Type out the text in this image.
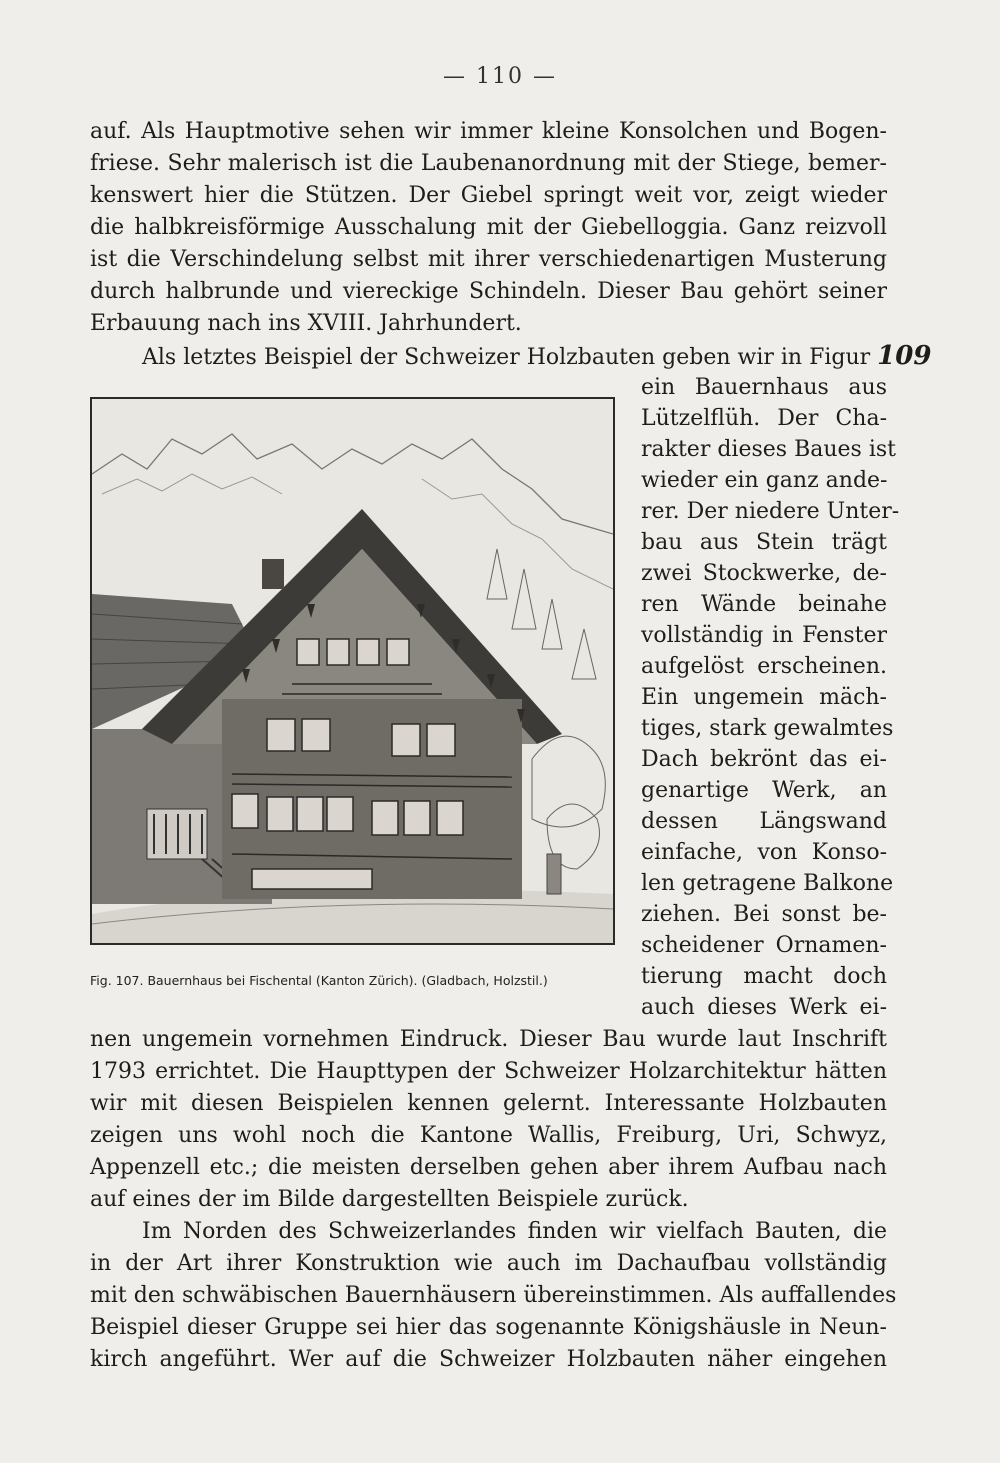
— 110 —
auf. Als Hauptmotive sehen wir immer kleine Konsolchen und Bogen-
friese. Sehr malerisch ist die Laubenanordnung mit der Stiege, bemer-
kenswert hier die Stützen. Der Giebel springt weit vor, zeigt wieder
die halbkreisförmige Ausschalung mit der Giebelloggia. Ganz reizvoll
ist die Verschindelung selbst mit ihrer verschiedenartigen Musterung
durch halbrunde und viereckige Schindeln. Dieser Bau gehört seiner
Erbauung nach ins XVIII. Jahrhundert.
Als letztes Beispiel der Schweizer Holzbauten geben wir in Figur 109
ein Bauernhaus aus
Lützelflüh. Der Cha-
rakter dieses Baues ist
wieder ein ganz ande-
rer. Der niedere Unter-
bau aus Stein trägt
zwei Stockwerke, de-
ren Wände beinahe
vollständig in Fenster
aufgelöst erscheinen.
Ein ungemein mäch-
tiges, stark gewalmtes
Dach bekrönt das ei-
genartige Werk, an
dessen Längswand
einfache, von Konso-
len getragene Balkone
ziehen. Bei sonst be-
scheidener Ornamen-
tierung macht doch
auch dieses Werk ei-
Fig. 107. Bauernhaus bei Fischental (Kanton Zürich). (Gladbach, Holzstil.)
nen ungemein vornehmen Eindruck. Dieser Bau wurde laut Inschrift
1793 errichtet. Die Haupttypen der Schweizer Holzarchitektur hätten
wir mit diesen Beispielen kennen gelernt. Interessante Holzbauten
zeigen uns wohl noch die Kantone Wallis, Freiburg, Uri, Schwyz,
Appenzell etc.; die meisten derselben gehen aber ihrem Aufbau nach
auf eines der im Bilde dargestellten Beispiele zurück.
Im Norden des Schweizerlandes finden wir vielfach Bauten, die
in der Art ihrer Konstruktion wie auch im Dachaufbau vollständig
mit den schwäbischen Bauernhäusern übereinstimmen. Als auffallendes
Beispiel dieser Gruppe sei hier das sogenannte Königshäusle in Neun-
kirch angeführt. Wer auf die Schweizer Holzbauten näher eingehen
